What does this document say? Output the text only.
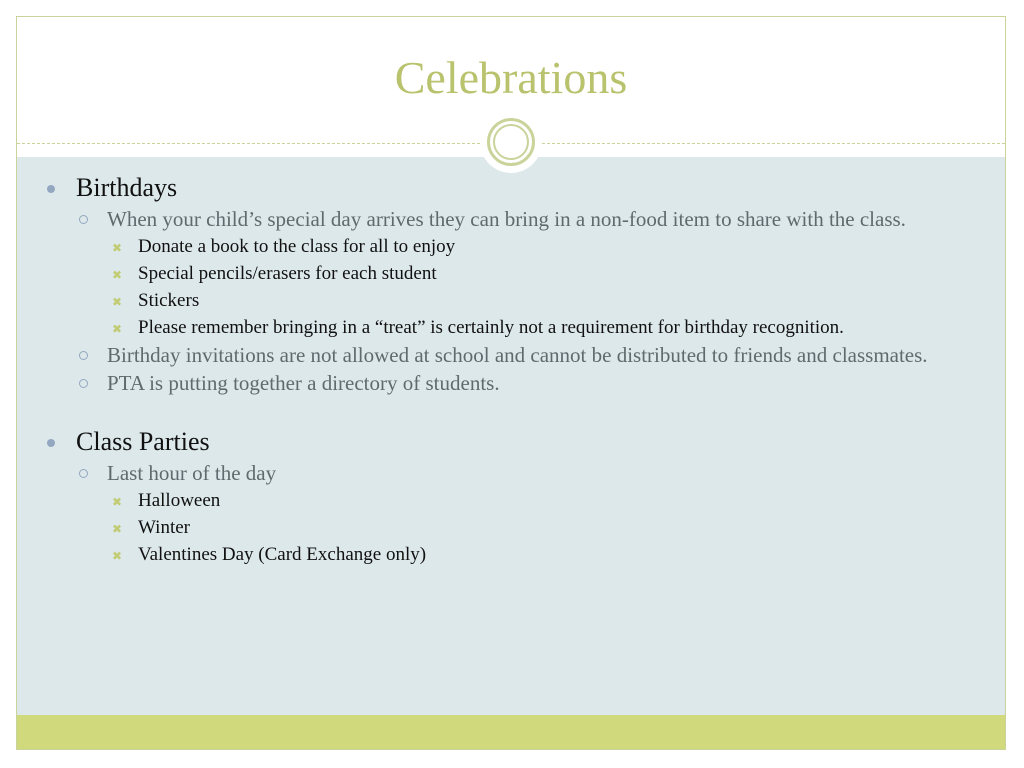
Celebrations
Birthdays
When your child’s special day arrives they can bring in a non-food item to share with the class.
✖ Donate a book to the class for all to enjoy
✖ Special pencils/erasers for each student
✖ Stickers
✖ Please remember bringing in a “treat” is certainly not a requirement for birthday recognition.
Birthday invitations are not allowed at school and cannot be distributed to friends and classmates.
PTA is putting together a directory of students.
Class Parties
Last hour of the day
✖ Halloween
✖ Winter
✖ Valentines Day (Card Exchange only)
